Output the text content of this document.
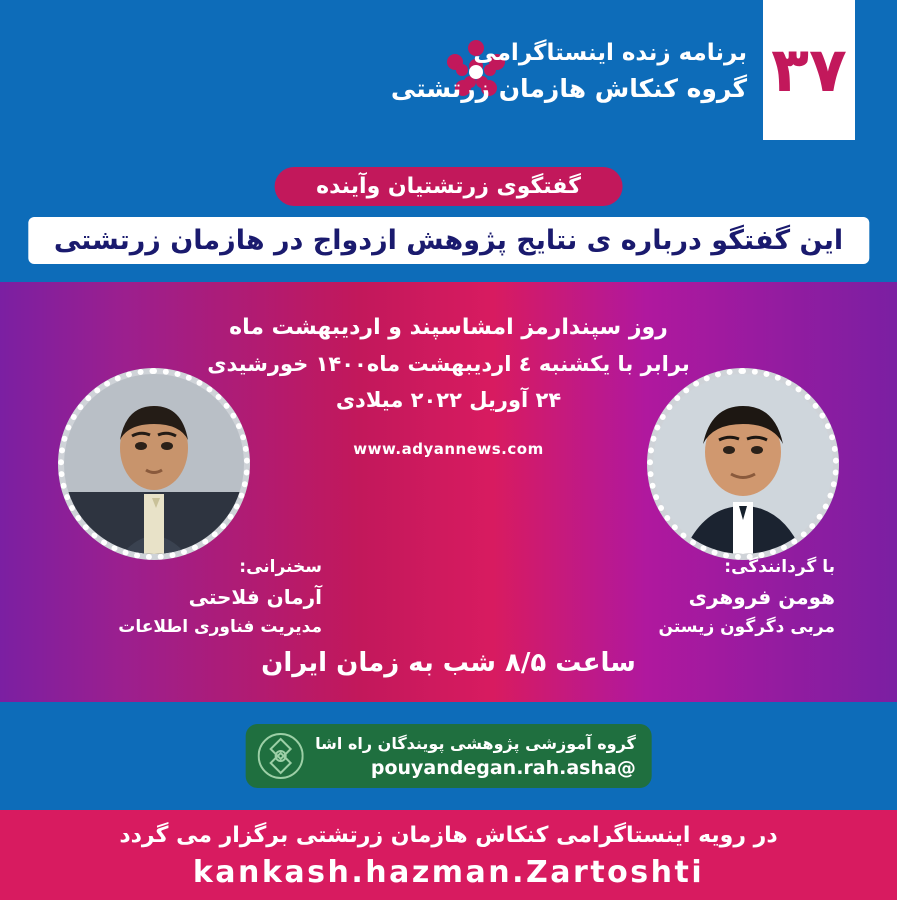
برنامه زنده اینستاگرامی
گروه کنکاش هازمان زرتشتی ۳۷
گفتگوی زرتشتیان وآینده
این گفتگو درباره ی نتایج پژوهش ازدواج در هازمان زرتشتی
روز سپندارمز امشاسپند و اردیبهشت ماه
برابر با یکشنبه ٤ اردیبهشت ماه۱۴۰۰ خورشیدی
۲۴ آوریل ۲۰۲۲ میلادی
www.adyannews.com
سخنرانی:
آرمان فلاحتی
مدیریت فناوری اطلاعات
با گردانندگی:
هومن فروهری
مربی دگرگون زیستن
ساعت ۸/۵ شب به زمان ایران
گروه آموزشی پژوهشی پویندگان راه اشا
@pouyandegan.rah.asha
در رویه اینستاگرامی کنکاش هازمان زرتشتی برگزار می گردد
kankash.hazman.Zartoshti
